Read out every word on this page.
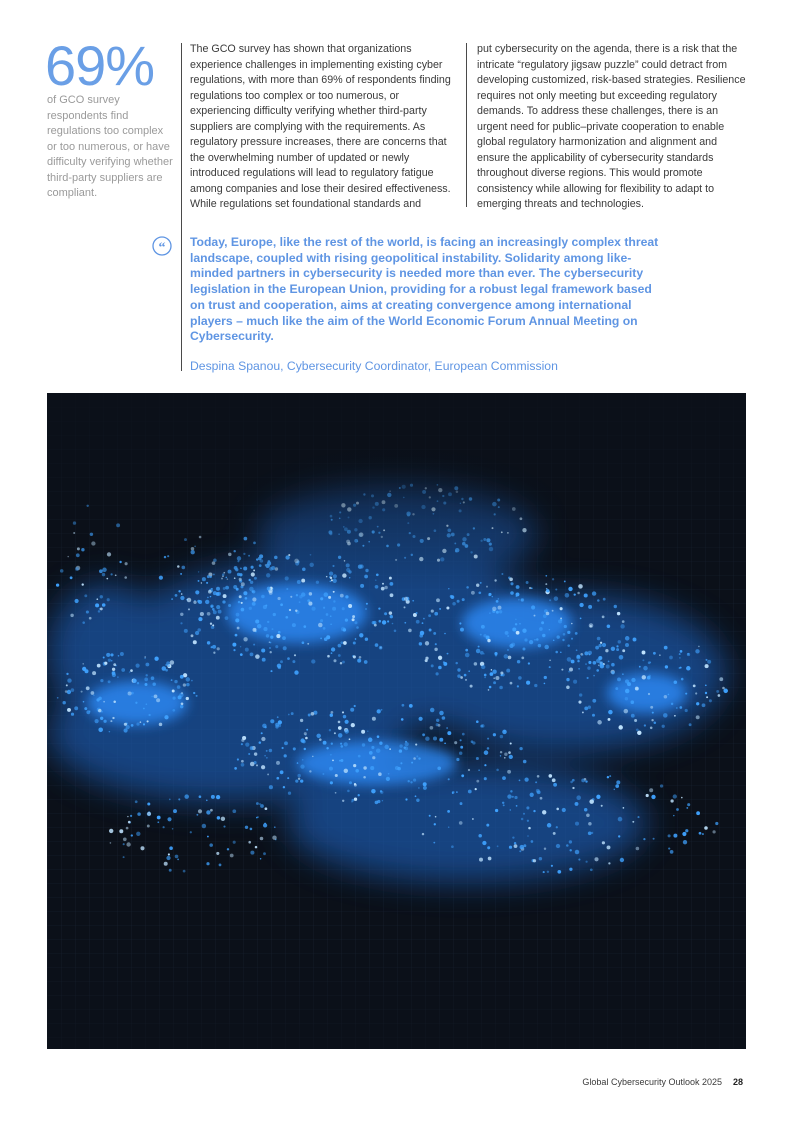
69%

of GCO survey respondents find regulations too complex or too numerous, or have difficulty verifying whether third-party suppliers are compliant.

The GCO survey has shown that organizations experience challenges in implementing existing cyber regulations, with more than 69% of respondents finding regulations too complex or too numerous, or experiencing difficulty verifying whether third-party suppliers are complying with the requirements. As regulatory pressure increases, there are concerns that the overwhelming number of updated or newly introduced regulations will lead to regulatory fatigue among companies and lose their desired effectiveness. While regulations set foundational standards and

put cybersecurity on the agenda, there is a risk that the intricate “regulatory jigsaw puzzle” could detract from developing customized, risk-based strategies. Resilience requires not only meeting but exceeding regulatory demands. To address these challenges, there is an urgent need for public–private cooperation to enable global regulatory harmonization and alignment and ensure the applicability of cybersecurity standards throughout diverse regions. This would promote consistency while allowing for flexibility to adapt to emerging threats and technologies.

“ Today, Europe, like the rest of the world, is facing an increasingly complex threat landscape, coupled with rising geopolitical instability. Solidarity among like-minded partners in cybersecurity is needed more than ever. The cybersecurity legislation in the European Union, providing for a robust legal framework based on trust and cooperation, aims at creating convergence among international players – much like the aim of the World Economic Forum Annual Meeting on Cybersecurity.

Despina Spanou, Cybersecurity Coordinator, European Commission

Global Cybersecurity Outlook 2025 28
